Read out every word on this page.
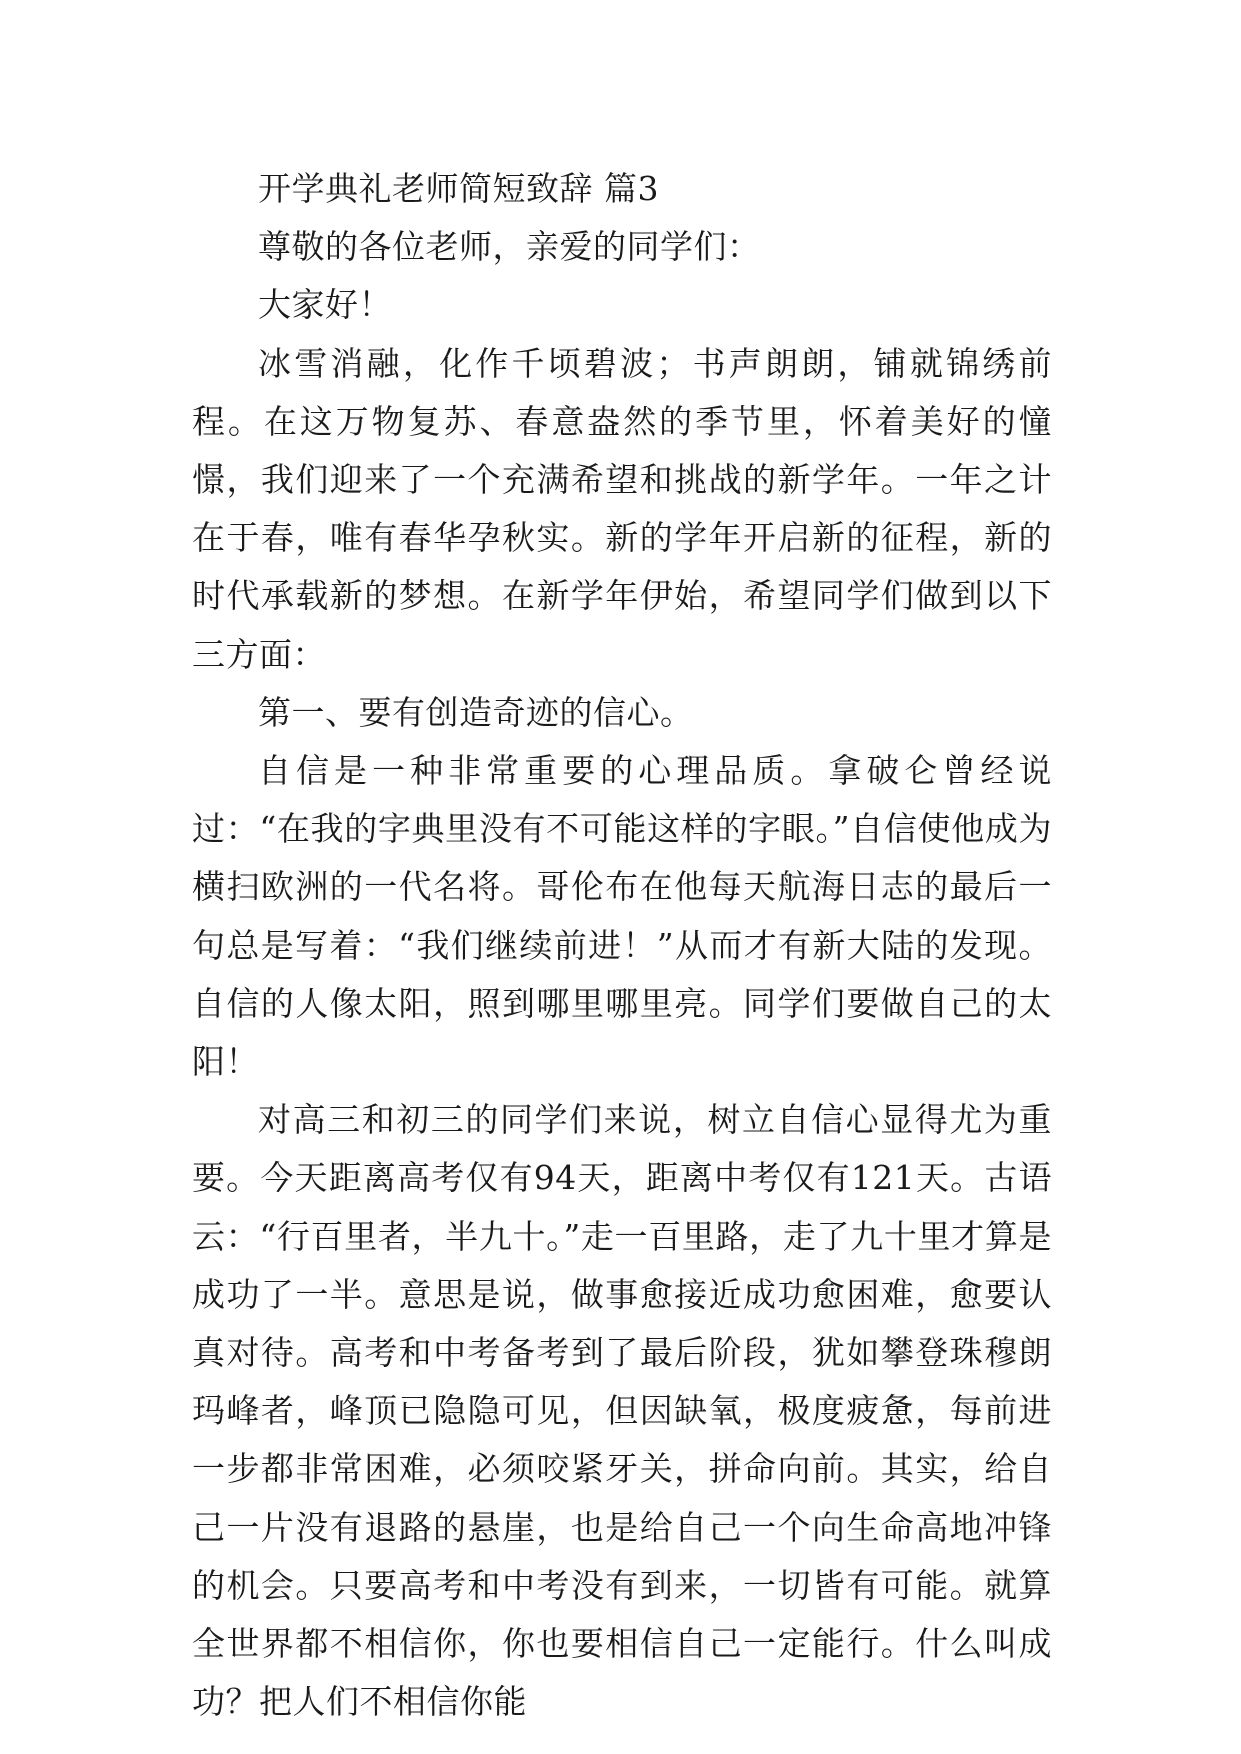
开学典礼老师简短致辞 篇3

尊敬的各位老师，亲爱的同学们：

大家好！

冰雪消融，化作千顷碧波；书声朗朗，铺就锦绣前程。在这万物复苏、春意盎然的季节里，怀着美好的憧憬，我们迎来了一个充满希望和挑战的新学年。一年之计在于春，唯有春华孕秋实。新的学年开启新的征程，新的时代承载新的梦想。在新学年伊始，希望同学们做到以下三方面：

第一、要有创造奇迹的信心。

自信是一种非常重要的心理品质。拿破仑曾经说过：“在我的字典里没有不可能这样的字眼。”自信使他成为横扫欧洲的一代名将。哥伦布在他每天航海日志的最后一句总是写着：“我们继续前进！”从而才有新大陆的发现。自信的人像太阳，照到哪里哪里亮。同学们要做自己的太阳！

对高三和初三的同学们来说，树立自信心显得尤为重要。今天距离高考仅有94天，距离中考仅有121天。古语云：“行百里者，半九十。”走一百里路，走了九十里才算是成功了一半。意思是说，做事愈接近成功愈困难，愈要认真对待。高考和中考备考到了最后阶段，犹如攀登珠穆朗玛峰者，峰顶已隐隐可见，但因缺氧，极度疲惫，每前进一步都非常困难，必须咬紧牙关，拼命向前。其实，给自己一片没有退路的悬崖，也是给自己一个向生命高地冲锋的机会。只要高考和中考没有到来，一切皆有可能。就算全世界都不相信你，你也要相信自己一定能行。什么叫成功？把人们不相信你能
